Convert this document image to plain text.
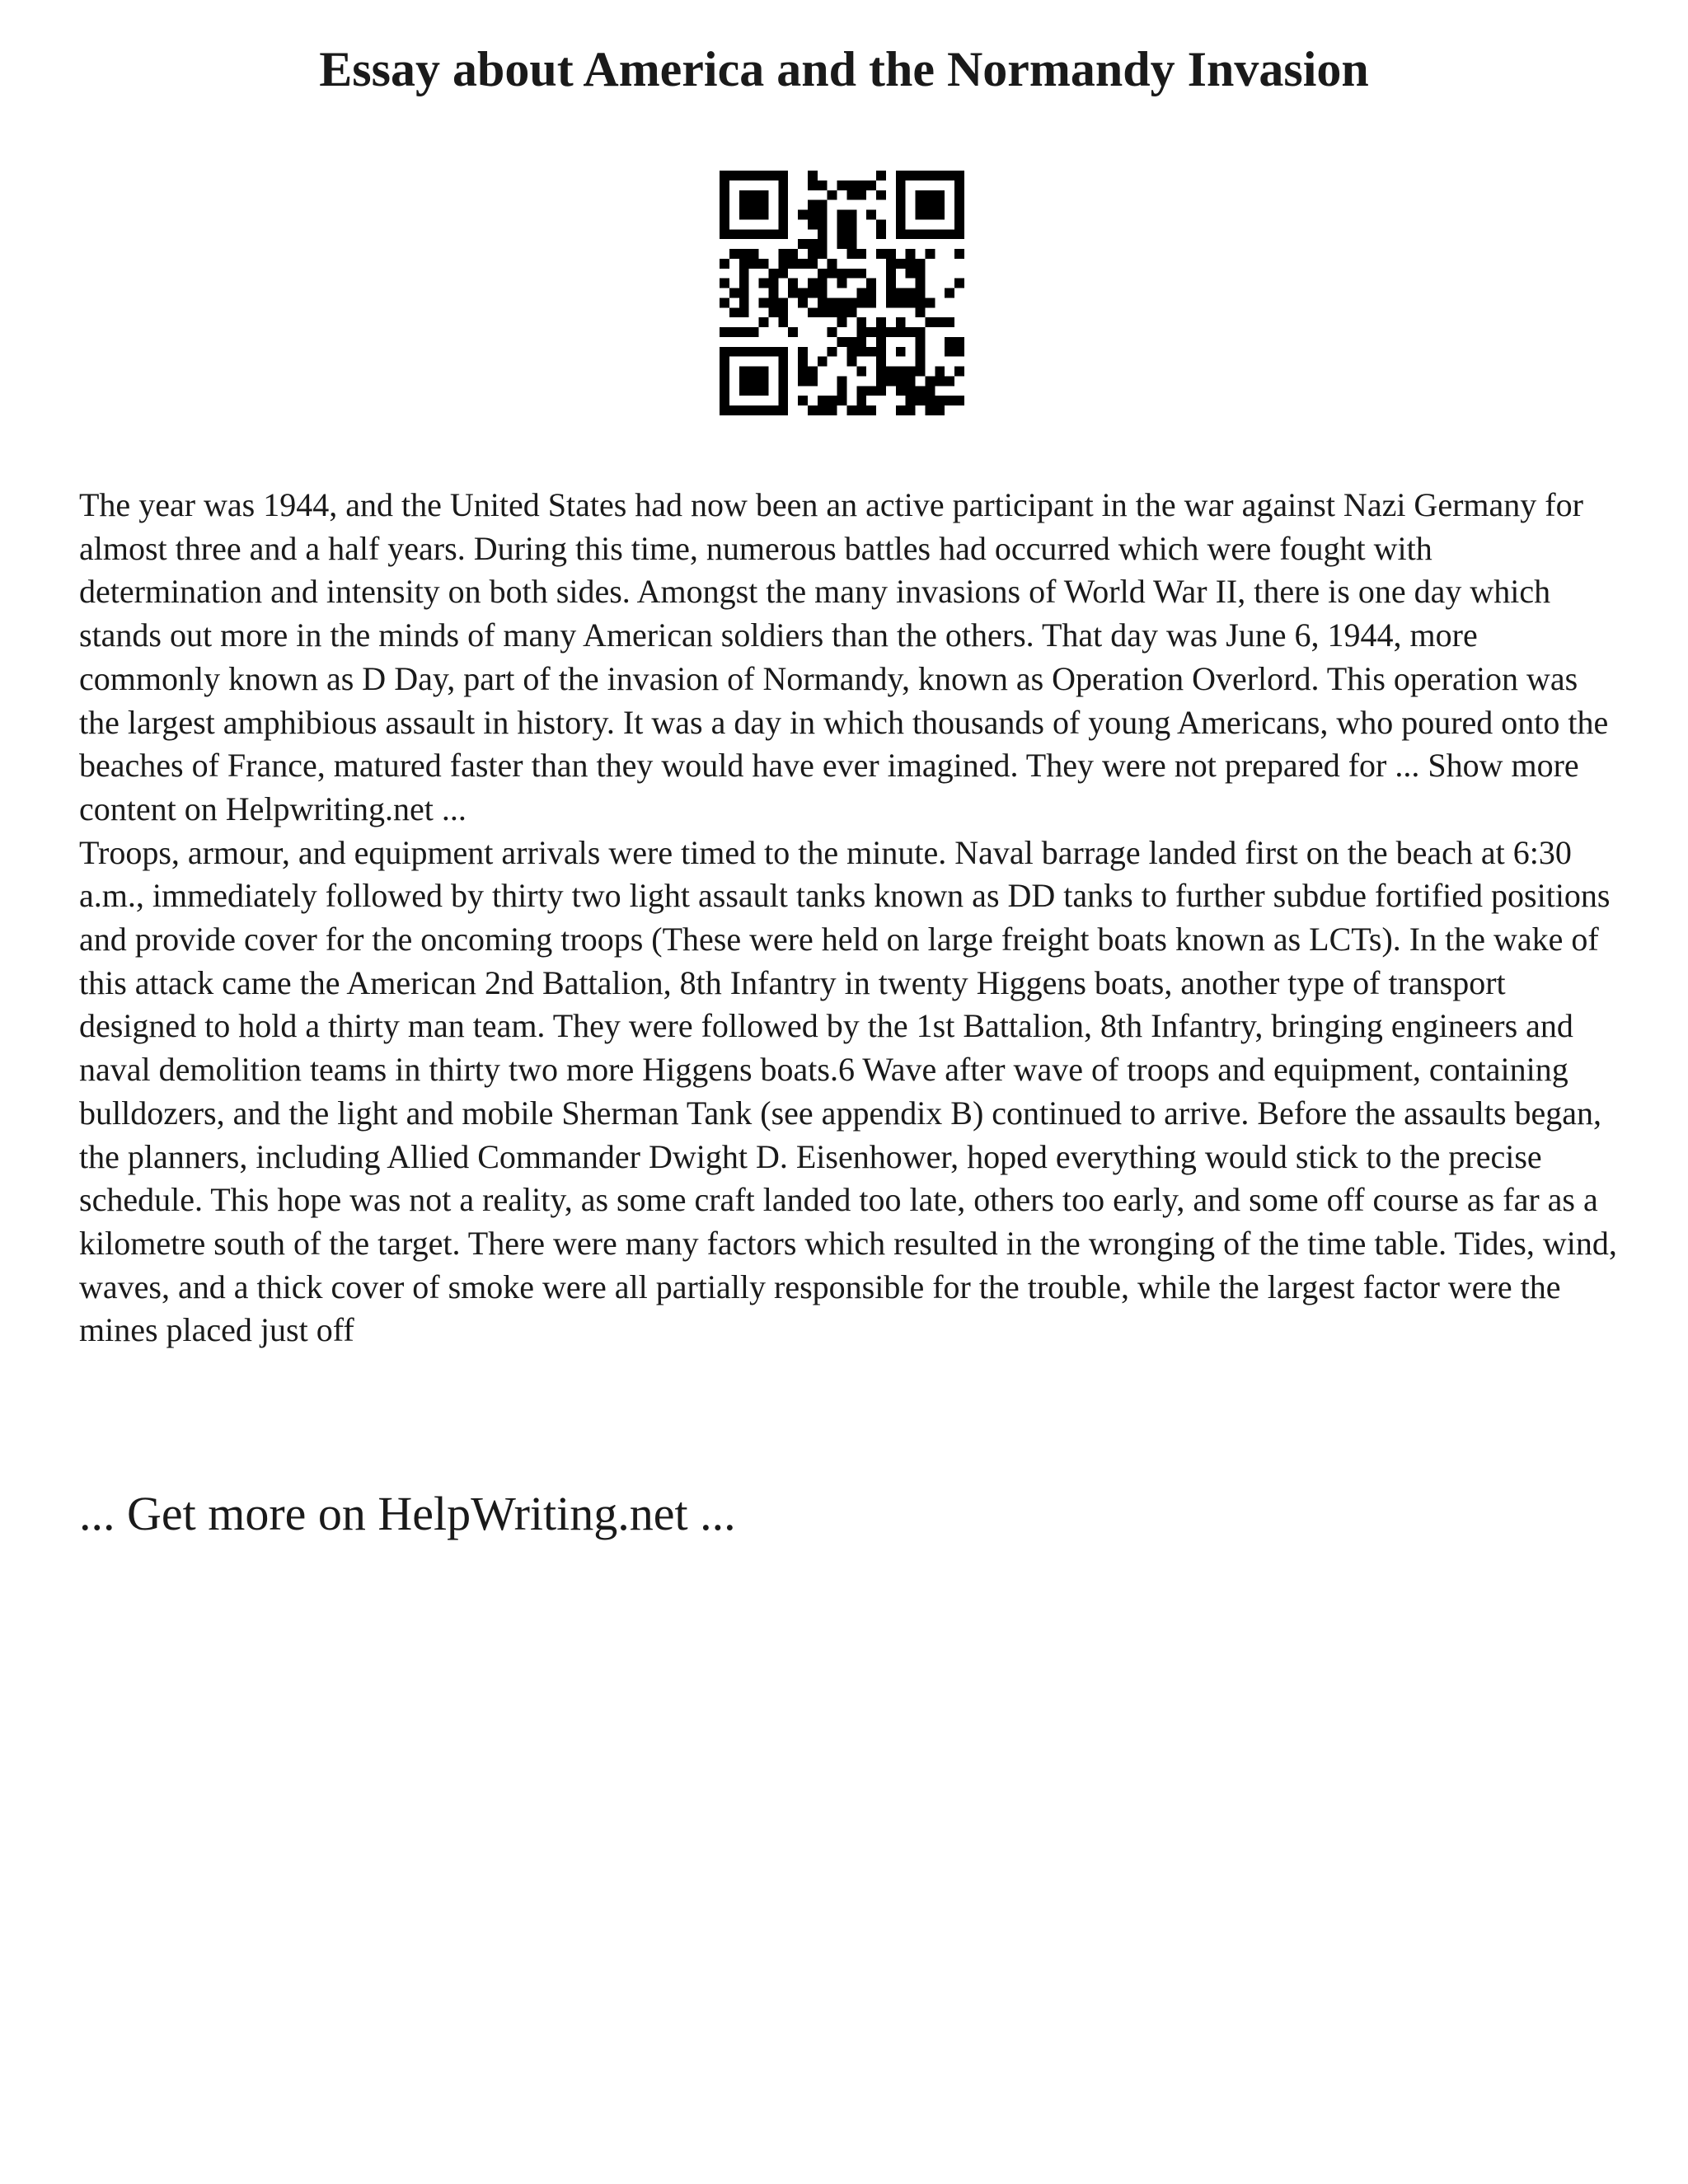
Essay about America and the Normandy Invasion

The year was 1944, and the United States had now been an active participant in the war against Nazi Germany for almost three and a half years. During this time, numerous battles had occurred which were fought with determination and intensity on both sides. Amongst the many invasions of World War II, there is one day which stands out more in the minds of many American soldiers than the others. That day was June 6, 1944, more commonly known as D Day, part of the invasion of Normandy, known as Operation Overlord. This operation was the largest amphibious assault in history. It was a day in which thousands of young Americans, who poured onto the beaches of France, matured faster than they would have ever imagined. They were not prepared for ... Show more content on Helpwriting.net ...

Troops, armour, and equipment arrivals were timed to the minute. Naval barrage landed first on the beach at 6:30 a.m., immediately followed by thirty two light assault tanks known as DD tanks to further subdue fortified positions and provide cover for the oncoming troops (These were held on large freight boats known as LCTs). In the wake of this attack came the American 2nd Battalion, 8th Infantry in twenty Higgens boats, another type of transport designed to hold a thirty man team. They were followed by the 1st Battalion, 8th Infantry, bringing engineers and naval demolition teams in thirty two more Higgens boats.6 Wave after wave of troops and equipment, containing bulldozers, and the light and mobile Sherman Tank (see appendix B) continued to arrive. Before the assaults began, the planners, including Allied Commander Dwight D. Eisenhower, hoped everything would stick to the precise schedule. This hope was not a reality, as some craft landed too late, others too early, and some off course as far as a kilometre south of the target. There were many factors which resulted in the wronging of the time table. Tides, wind, waves, and a thick cover of smoke were all partially responsible for the trouble, while the largest factor were the mines placed just off

... Get more on HelpWriting.net ...
